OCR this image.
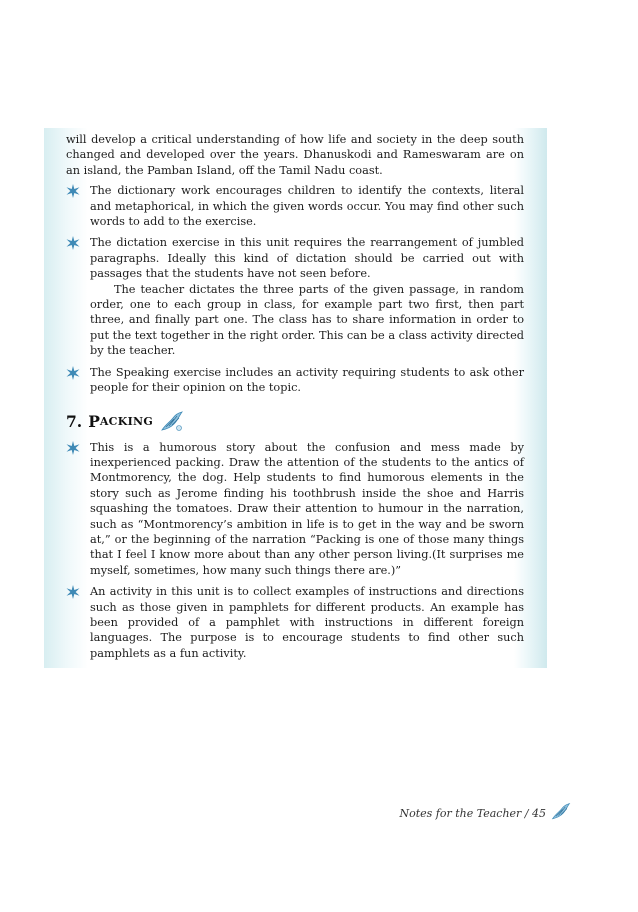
will develop a critical understanding of how life and society in the deep south changed and developed over the years. Dhanuskodi and Rameswaram are on an island, the Pamban Island, off the Tamil Nadu coast.

The dictionary work encourages children to identify the contexts, literal and metaphorical, in which the given words occur. You may find other such words to add to the exercise.

The dictation exercise in this unit requires the rearrangement of jumbled paragraphs. Ideally this kind of dictation should be carried out with passages that the students have not seen before.

The teacher dictates the three parts of the given passage, in random order, one to each group in class, for example part two first, then part three, and finally part one. The class has to share information in order to put the text together in the right order. This can be a class activity directed by the teacher.

The Speaking exercise includes an activity requiring students to ask other people for their opinion on the topic.

7. P ACKING

This is a humorous story about the confusion and mess made by inexperienced packing. Draw the attention of the students to the antics of Montmorency, the dog. Help students to find humorous elements in the story such as Jerome finding his toothbrush inside the shoe and Harris squashing the tomatoes. Draw their attention to humour in the narration, such as “Montmorency’s ambition in life is to get in the way and be sworn at,” or the beginning of the narration “Packing is one of those many things that I feel I know more about than any other person living.(It surprises me myself, sometimes, how many such things there are.)”

An activity in this unit is to collect examples of instructions and directions such as those given in pamphlets for different products. An example has been provided of a pamphlet with instructions in different foreign languages. The purpose is to encourage students to find other such pamphlets as a fun activity.

Notes for the Teacher / 45
